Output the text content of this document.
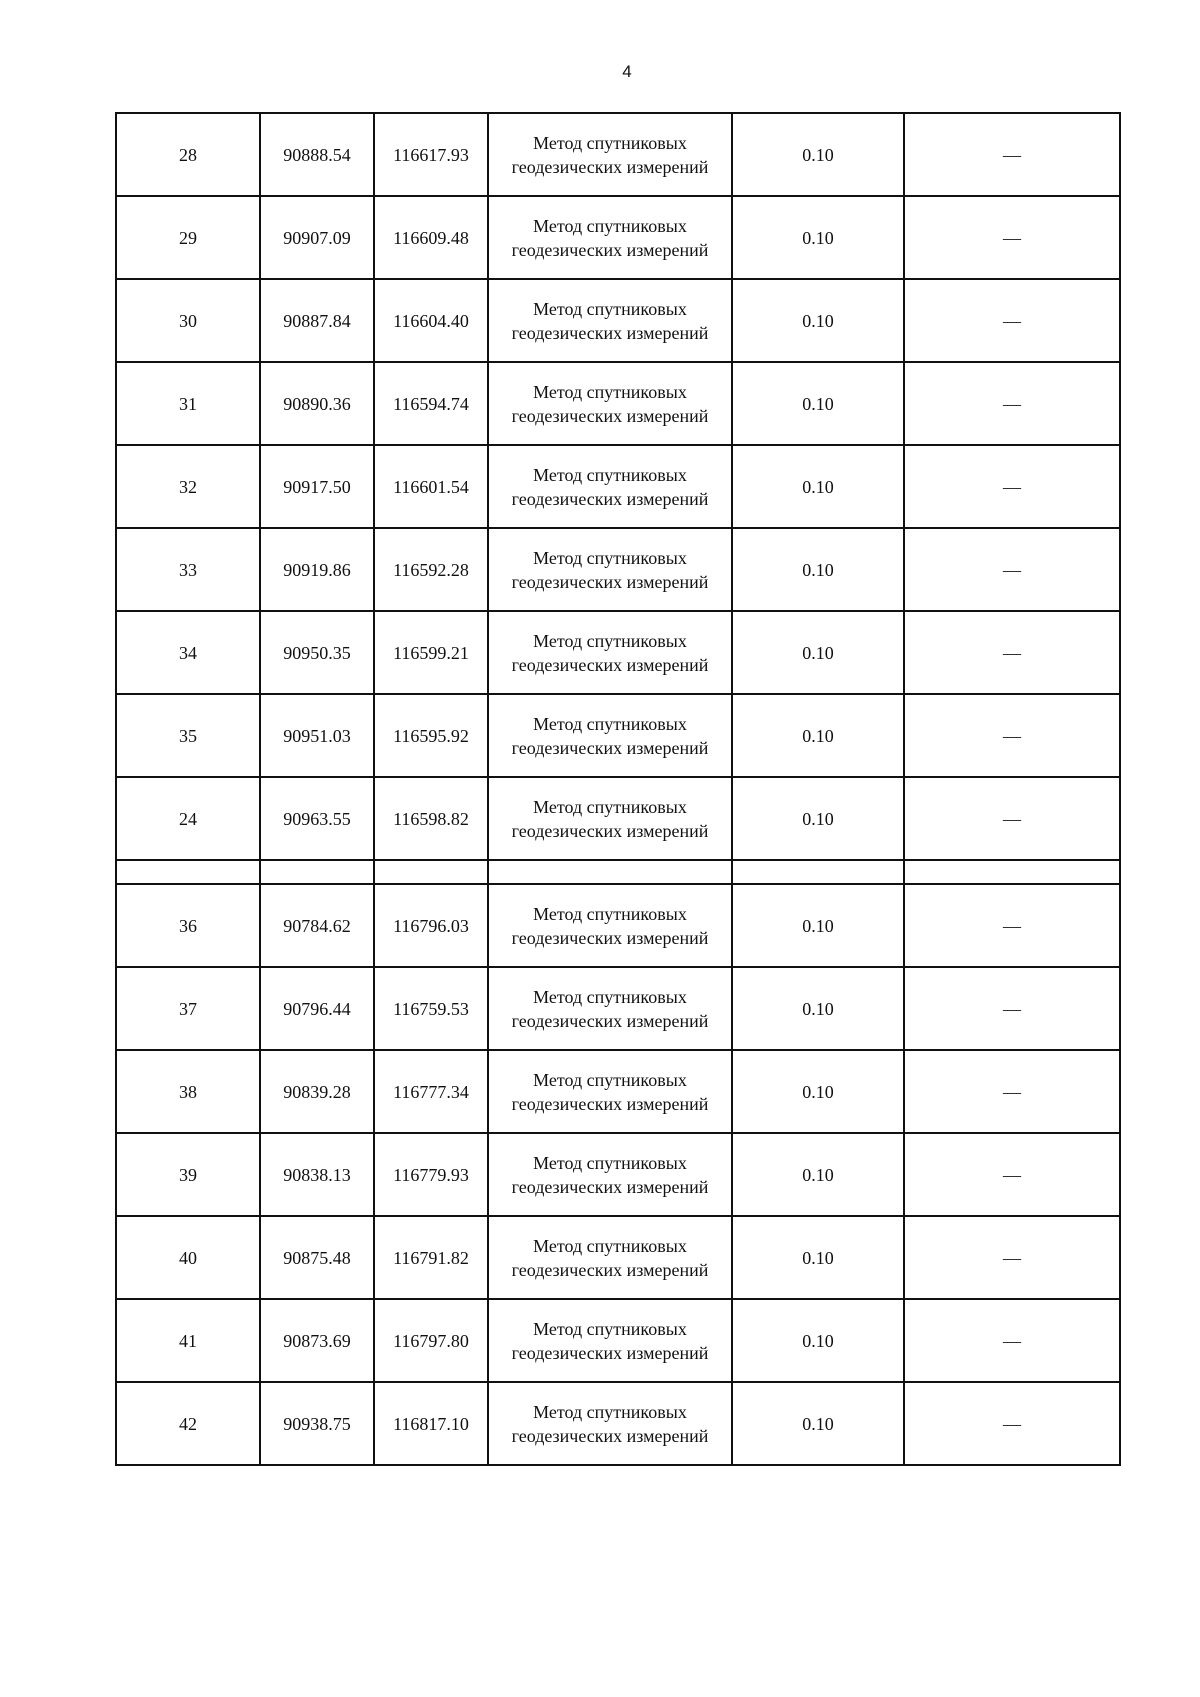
4
28	90888.54	116617.93	Метод спутниковых
геодезических измерений	0.10	—
29	90907.09	116609.48	Метод спутниковых
геодезических измерений	0.10	—
30	90887.84	116604.40	Метод спутниковых
геодезических измерений	0.10	—
31	90890.36	116594.74	Метод спутниковых
геодезических измерений	0.10	—
32	90917.50	116601.54	Метод спутниковых
геодезических измерений	0.10	—
33	90919.86	116592.28	Метод спутниковых
геодезических измерений	0.10	—
34	90950.35	116599.21	Метод спутниковых
геодезических измерений	0.10	—
35	90951.03	116595.92	Метод спутниковых
геодезических измерений	0.10	—
24	90963.55	116598.82	Метод спутниковых
геодезических измерений	0.10	—

36	90784.62	116796.03	Метод спутниковых
геодезических измерений	0.10	—
37	90796.44	116759.53	Метод спутниковых
геодезических измерений	0.10	—
38	90839.28	116777.34	Метод спутниковых
геодезических измерений	0.10	—
39	90838.13	116779.93	Метод спутниковых
геодезических измерений	0.10	—
40	90875.48	116791.82	Метод спутниковых
геодезических измерений	0.10	—
41	90873.69	116797.80	Метод спутниковых
геодезических измерений	0.10	—
42	90938.75	116817.10	Метод спутниковых
геодезических измерений	0.10	—
